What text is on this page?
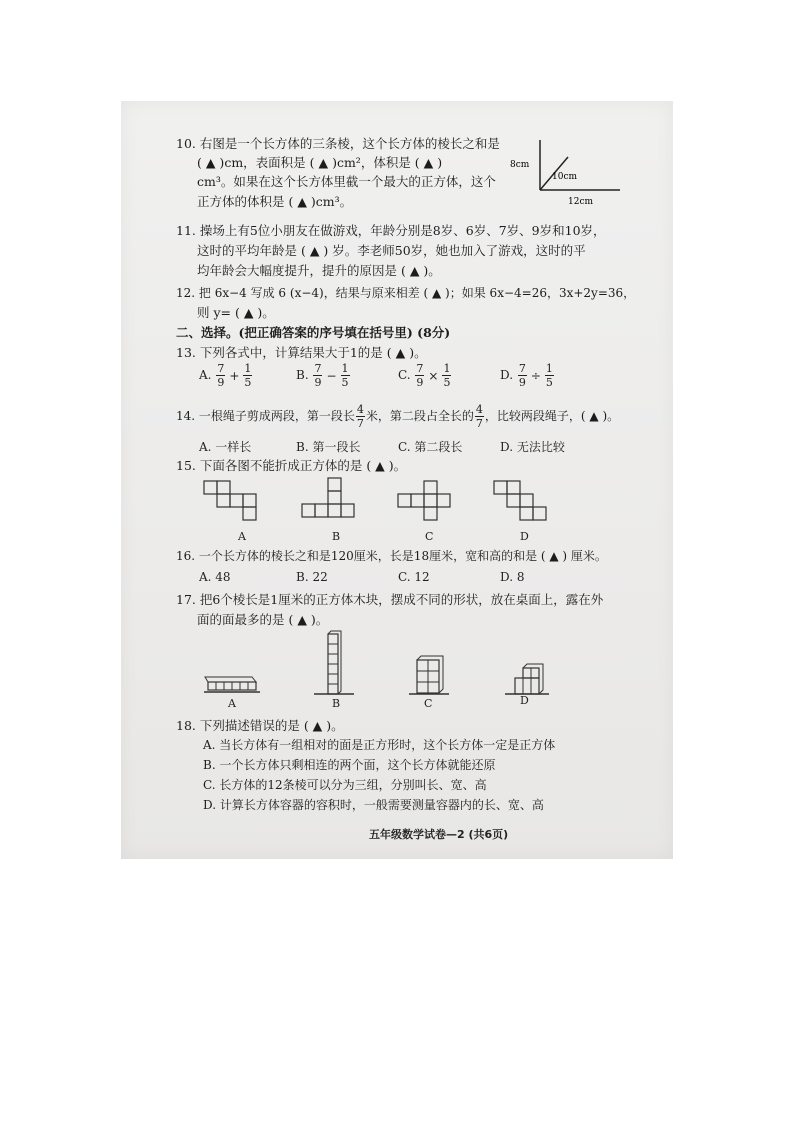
10. 右图是一个长方体的三条棱，这个长方体的棱长之和是
( ▲ )cm，表面积是 ( ▲ )cm²，体积是 ( ▲ )
cm³。如果在这个长方体里截一个最大的正方体，这个
正方体的体积是 ( ▲ )cm³。
8cm
10cm
12cm
11. 操场上有5位小朋友在做游戏，年龄分别是8岁、6岁、7岁、9岁和10岁，
这时的平均年龄是 ( ▲ ) 岁。李老师50岁，她也加入了游戏，这时的平
均年龄会大幅度提升，提升的原因是 ( ▲ )。
12. 把 6x−4 写成 6 (x−4)，结果与原来相差 ( ▲ )；如果 6x−4=26，3x+2y=36，
则 y= ( ▲ )。
二、选择。(把正确答案的序号填在括号里) (8分)
13. 下列各式中，计算结果大于1的是 ( ▲ )。
A. $\frac{7}{9} + \frac{1}{5}$	B. $\frac{7}{9} - \frac{1}{5}$	C. $\frac{7}{9} \times \frac{1}{5}$	D. $\frac{7}{9} \div \frac{1}{5}$
14. 一根绳子剪成两段，第一段长 $\frac{4}{7}$ 米，第二段占全长的 $\frac{4}{7}$ ，比较两段绳子，( ▲ )。
A. 一样长	B. 第一段长	C. 第二段长	D. 无法比较
15. 下面各图不能折成正方体的是 ( ▲ )。
A	B	C	D
16. 一个长方体的棱长之和是120厘米，长是18厘米，宽和高的和是 ( ▲ ) 厘米。
A. 48	B. 22	C. 12	D. 8
17. 把6个棱长是1厘米的正方体木块，摆成不同的形状，放在桌面上，露在外
面的面最多的是 ( ▲ )。
A	B	C	D
18. 下列描述错误的是 ( ▲ )。
A. 当长方体有一组相对的面是正方形时，这个长方体一定是正方体
B. 一个长方体只剩相连的两个面，这个长方体就能还原
C. 长方体的12条棱可以分为三组，分别叫长、宽、高
D. 计算长方体容器的容积时，一般需要测量容器内的长、宽、高
五年级数学试卷—2 (共6页)
